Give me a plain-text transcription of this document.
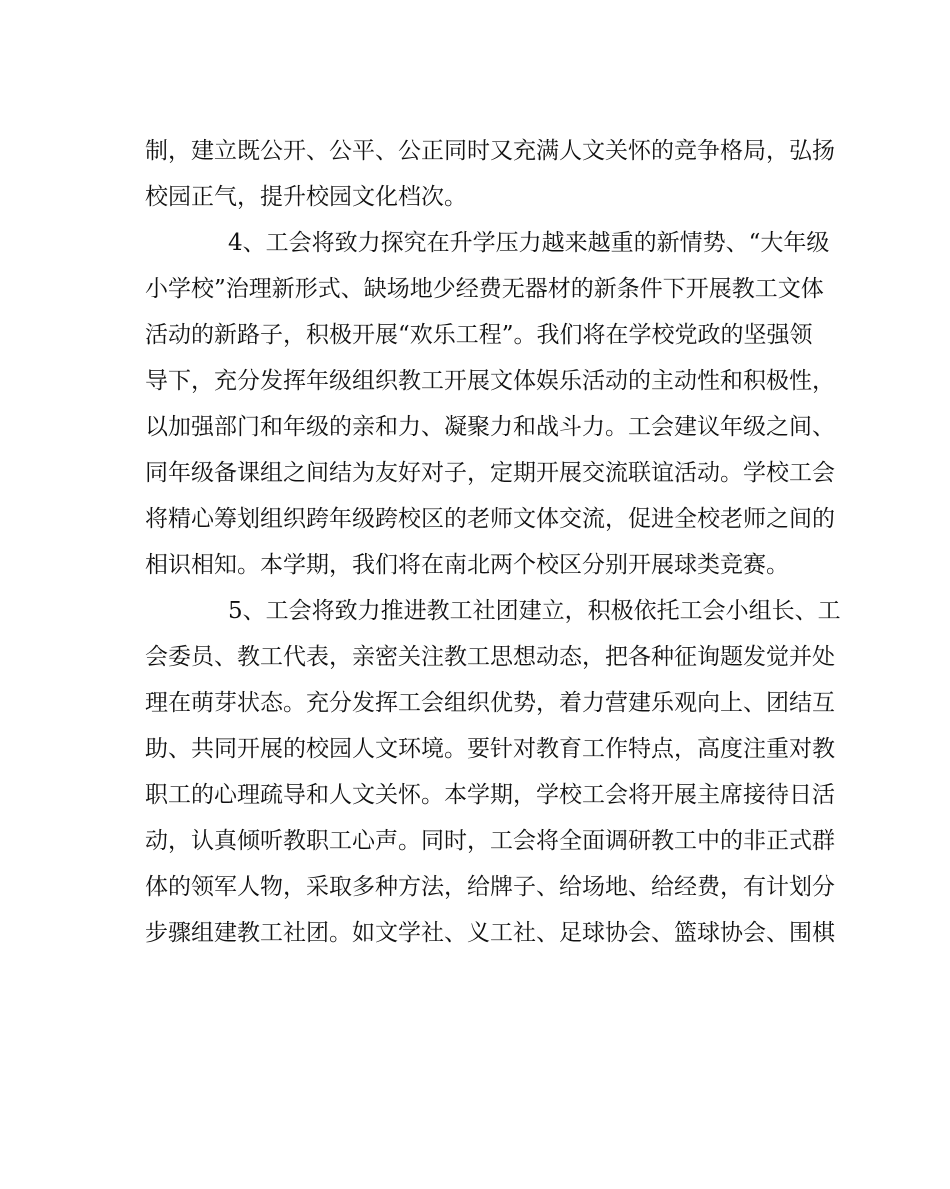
制，建立既公开、公平、公正同时又充满人文关怀的竞争格局，弘扬
校园正气，提升校园文化档次。
4、工会将致力探究在升学压力越来越重的新情势、“大年级
小学校”治理新形式、缺场地少经费无器材的新条件下开展教工文体
活动的新路子，积极开展“欢乐工程”。我们将在学校党政的坚强领
导下，充分发挥年级组织教工开展文体娱乐活动的主动性和积极性，
以加强部门和年级的亲和力、凝聚力和战斗力。工会建议年级之间、
同年级备课组之间结为友好对子，定期开展交流联谊活动。学校工会
将精心筹划组织跨年级跨校区的老师文体交流，促进全校老师之间的
相识相知。本学期，我们将在南北两个校区分别开展球类竞赛。
5、工会将致力推进教工社团建立，积极依托工会小组长、工
会委员、教工代表，亲密关注教工思想动态，把各种征询题发觉并处
理在萌芽状态。充分发挥工会组织优势，着力营建乐观向上、团结互
助、共同开展的校园人文环境。要针对教育工作特点，高度注重对教
职工的心理疏导和人文关怀。本学期，学校工会将开展主席接待日活
动，认真倾听教职工心声。同时，工会将全面调研教工中的非正式群
体的领军人物，采取多种方法，给牌子、给场地、给经费，有计划分
步骤组建教工社团。如文学社、义工社、足球协会、篮球协会、围棋
